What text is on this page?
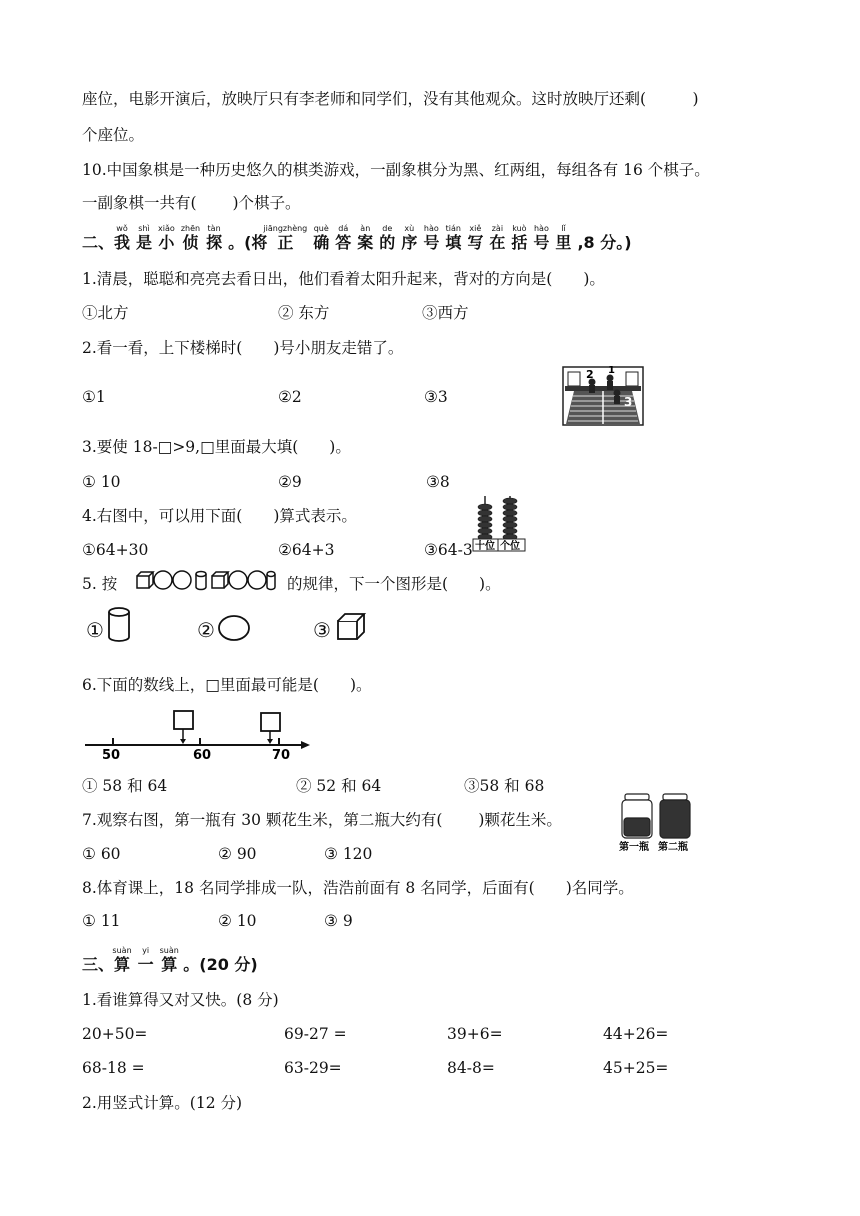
座位，电影开演后，放映厅只有李老师和同学们，没有其他观众。这时放映厅还剩(　　　)
个座位。
10.中国象棋是一种历史悠久的棋类游戏，一副象棋分为黑、红两组，每组各有 16 个棋子。
一副象棋一共有(　　 )个棋子。
二、我wǒ是shì小xiǎo侦zhēn探tàn。(将正jiāngzhèng确què答dá案àn的de序xù号hào填tián写xiě在zài括kuò号hào里lǐ,8 分。)
1.清晨，聪聪和亮亮去看日出，他们看着太阳升起来，背对的方向是(　　)。
①北方	② 东方	③西方
2.看一看，上下楼梯时(　　)号小朋友走错了。
①1	②2	③3
2 1
3
3.要使 18-□>9,□里面最大填(　　)。
① 10	②9	③8
4.右图中，可以用下面(　　)算式表示。
①64+30	②64+3	③64-3 十位 个位
5. 按	的规律，下一个图形是(　　)。
①	②	③
6.下面的数线上，□里面最可能是(　　)。
50	60	70
① 58 和 64	② 52 和 64	③58 和 68
7.观察右图，第一瓶有 30 颗花生米，第二瓶大约有(　　 )颗花生米。
① 60	② 90	③ 120	第一瓶 第二瓶
8.体育课上，18 名同学排成一队，浩浩前面有 8 名同学，后面有(　　)名同学。
① 11	② 10	③ 9
三、算suàn一yi算suàn。(20 分)
1.看谁算得又对又快。(8 分)
20+50=	69-27 =	39+6=	44+26=
68-18 =	63-29=	84-8=	45+25=
2.用竖式计算。(12 分)
